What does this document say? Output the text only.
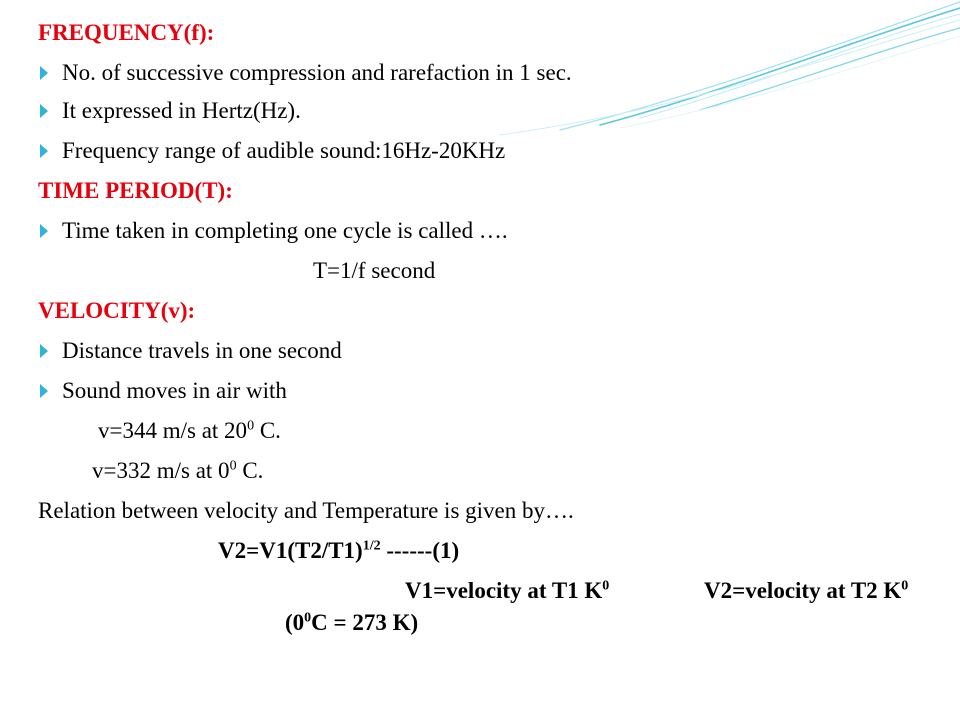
FREQUENCY(f):
No. of successive compression and rarefaction in 1 sec.
It expressed in Hertz(Hz).
Frequency range of audible sound:16Hz-20KHz
TIME PERIOD(T):
Time taken in completing one cycle is called ….
T=1/f second
VELOCITY(v):
Distance travels in one second
Sound moves in air with
v=344 m/s at $20^0$ C.
v=332 m/s at $0^0$ C.
Relation between velocity and Temperature is given by….
$V2=V1(T2/T1)^{1/2}$ ------(1)
V1=velocity at T1 $K^0$	V2=velocity at T2 $K^0$
($0^0C = 273$ K)
